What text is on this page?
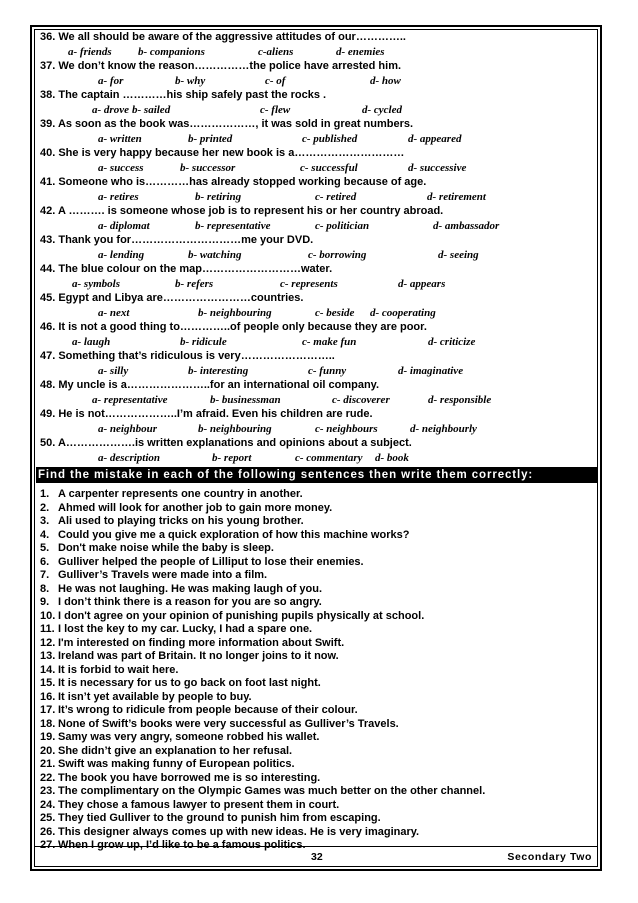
36. We all should be aware of the aggressive attitudes of our…………..
a- friends b- companions	c-aliens	d- enemies
37. We don’t know the reason……………the police have arrested him.
a- for	b- why	c- of	d- how
38. The captain …………his ship safely past the rocks .
a- drove b- sailed	c- flew	d- cycled
39. As soon as the book was………………, it was sold in great numbers.
a- written	b- printed	c- published	d- appeared
40. She is very happy because her new book is a…………………………
a- success	b- successor	c- successful	d- successive
41. Someone who is…………has already stopped working because of age.
a- retires	b- retiring	c- retired	d- retirement
42. A ………. is someone whose job is to represent his or her country abroad.
a- diplomat	b- representative	c- politician	d- ambassador
43. Thank you for…………………………me your DVD.
a- lending	b- watching	c- borrowing	d- seeing
44. The blue colour on the map………………………water.
a- symbols	b- refers	c- represents	d- appears
45. Egypt and Libya are……………………countries.
a- next	b- neighbouring	c- beside d- cooperating
46. It is not a good thing to…………..of people only because they are poor.
a- laugh	b- ridicule	c- make fun	d- criticize
47. Something that’s ridiculous is very……………………..
a- silly	b- interesting	c- funny	d- imaginative
48. My uncle is a…………………..for an international oil company.
a- representative	b- businessman	c- discoverer	d- responsible
49. He is not………………..I’m afraid. Even his children are rude.
a- neighbour	b- neighbouring	c- neighbours	d- neighbourly
50. A……………….is written explanations and opinions about a subject.
a- description	b- report	c- commentary d- book
Find the mistake in each of the following sentences then write them correctly:
1. A carpenter represents one country in another.
2. Ahmed will look for another job to gain more money.
3. Ali used to playing tricks on his young brother.
4. Could you give me a quick exploration of how this machine works?
5. Don't make noise while the baby is sleep.
6. Gulliver helped the people of Lilliput to lose their enemies.
7. Gulliver’s Travels were made into a film.
8. He was not laughing. He was making laugh of you.
9. I don’t think there is a reason for you are so angry.
10. I don't agree on your opinion of punishing pupils physically at school.
11. I lost the key to my car. Lucky, I had a spare one.
12. I'm interested on finding more information about Swift.
13. Ireland was part of Britain. It no longer joins to it now.
14. It is forbid to wait here.
15. It is necessary for us to go back on foot last night.
16. It isn’t yet available by people to buy.
17. It’s wrong to ridicule from people because of their colour.
18. None of Swift’s books were very successful as Gulliver’s Travels.
19. Samy was very angry, someone robbed his wallet.
20. She didn’t give an explanation to her refusal.
21. Swift was making funny of European politics.
22. The book you have borrowed me is so interesting.
23. The complimentary on the Olympic Games was much better on the other channel.
24. They chose a famous lawyer to present them in court.
25. They tied Gulliver to the ground to punish him from escaping.
26. This designer always comes up with new ideas. He is very imaginary.
27. When I grow up, I’d like to be a famous politics.
32	Secondary Two
